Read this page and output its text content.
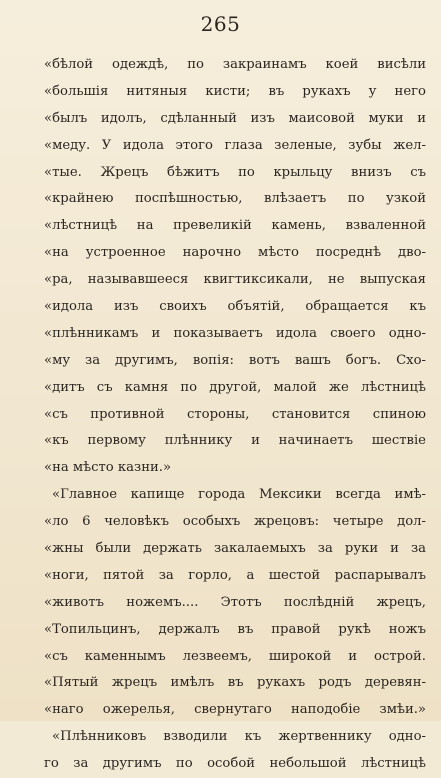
265
«бѣлой одеждѣ, по закраинамъ коей висѣли
«большія нитяныя кисти; въ рукахъ у него
«былъ идолъ, сдѣланный изъ маисовой муки и
«меду. У идола этого глаза зеленые, зубы жел-
«тые. Жрецъ бѣжитъ по крыльцу внизъ съ
«крайнею поспѣшностью, влѣзаетъ по узкой
«лѣстницѣ на превеликій камень, взваленной
«на устроенное нарочно мѣсто посреднѣ дво-
«ра, называвшееся квигтиксикали, не выпуская
«идола изъ своихъ объятій, обращается къ
«плѣнникамъ и показываетъ идола своего одно-
«му за другимъ, вопія: вотъ вашъ богъ. Схо-
«дитъ съ камня по другой, малой же лѣстницѣ
«съ противной стороны, становится спиною
«къ первому плѣннику и начинаетъ шествіе
«на мѣсто казни.»
«Главное капище города Мексики всегда имѣ-
«ло 6 человѣкъ особыхъ жрецовъ: четыре дол-
«жны были держать закалаемыхъ за руки и за
«ноги, пятой за горло, а шестой распарывалъ
«животъ ножемъ.... Этотъ послѣдній жрецъ,
«Топильцинъ, держалъ въ правой рукѣ ножъ
«съ каменнымъ лезвеемъ, широкой и острой.
«Пятый жрецъ имѣлъ въ рукахъ родъ деревян-
«наго ожерелья, свернутаго наподобіе змѣи.»
«Плѣнниковъ взводили къ жертвеннику одно-
го за другимъ по особой небольшой лѣстницѣ
